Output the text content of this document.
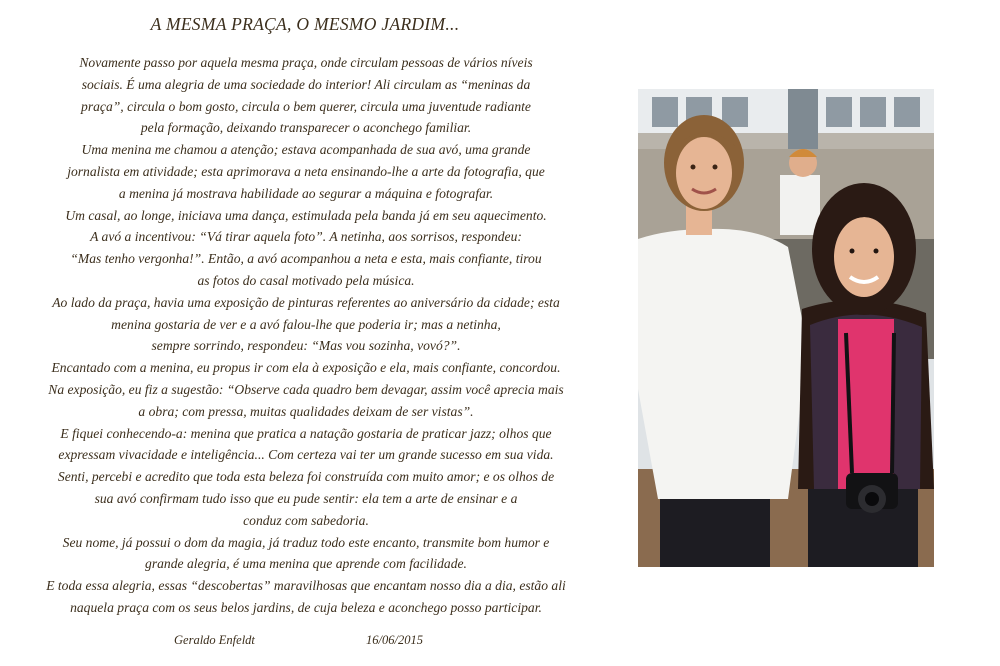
A MESMA PRAÇA, O MESMO JARDIM...
Novamente passo por aquela mesma praça, onde circulam pessoas de vários níveis
sociais. É uma alegria de uma sociedade do interior! Ali circulam as “meninas da
praça”, circula o bom gosto, circula o bem querer, circula uma juventude radiante
pela formação, deixando transparecer o aconchego familiar.
Uma menina me chamou a atenção; estava acompanhada de sua avó, uma grande
jornalista em atividade; esta aprimorava a neta ensinando-lhe a arte da fotografia, que
a menina já mostrava habilidade ao segurar a máquina e fotografar.
Um casal, ao longe, iniciava uma dança, estimulada pela banda já em seu aquecimento.
A avó a incentivou: “Vá tirar aquela foto”. A netinha, aos sorrisos, respondeu:
“Mas tenho vergonha!”. Então, a avó acompanhou a neta e esta, mais confiante, tirou
as fotos do casal motivado pela música.
Ao lado da praça, havia uma exposição de pinturas referentes ao aniversário da cidade; esta
menina gostaria de ver e a avó falou-lhe que poderia ir; mas a netinha,
sempre sorrindo, respondeu: “Mas vou sozinha, vovó?”.
Encantado com a menina, eu propus ir com ela à exposição e ela, mais confiante, concordou.
Na exposição, eu fiz a sugestão: “Observe cada quadro bem devagar, assim você aprecia mais
a obra; com pressa, muitas qualidades deixam de ser vistas”.
E fiquei conhecendo-a: menina que pratica a natação gostaria de praticar jazz; olhos que
expressam vivacidade e inteligência... Com certeza vai ter um grande sucesso em sua vida.
Senti, percebi e acredito que toda esta beleza foi construída com muito amor; e os olhos de
sua avó confirmam tudo isso que eu pude sentir: ela tem a arte de ensinar e a
conduz com sabedoria.
Seu nome, já possui o dom da magia, já traduz todo este encanto, transmite bom humor e
grande alegria, é uma menina que aprende com facilidade.
E toda essa alegria, essas “descobertas” maravilhosas que encantam nosso dia a dia, estão ali
naquela praça com os seus belos jardins, de cuja beleza e aconchego posso participar.
Geraldo Enfeldt	16/06/2015
